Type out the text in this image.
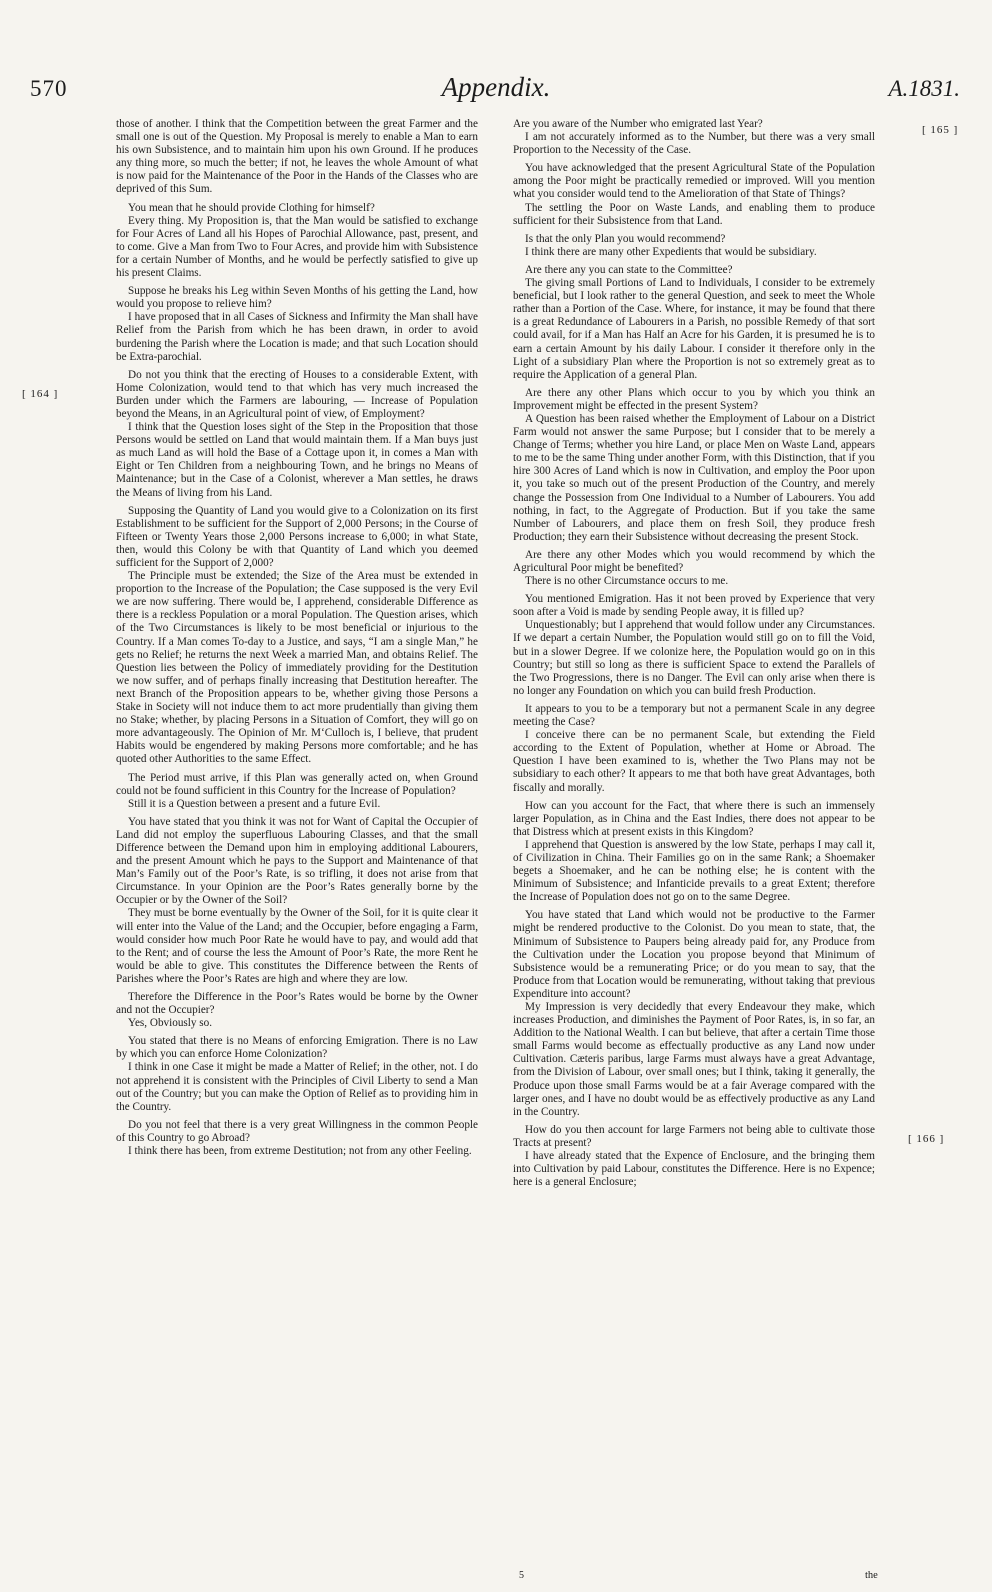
570	Appendix.	A.1831.
[ 164 ]
[ 165 ]
[ 166 ]

those of another. I think that the Competition between the great Farmer and the small one is out of the Question. My Proposal is merely to enable a Man to earn his own Subsistence, and to maintain him upon his own Ground. If he produces any thing more, so much the better; if not, he leaves the whole Amount of what is now paid for the Maintenance of the Poor in the Hands of the Classes who are deprived of this Sum.

You mean that he should provide Clothing for himself?

Every thing. My Proposition is, that the Man would be satisfied to exchange for Four Acres of Land all his Hopes of Parochial Allowance, past, present, and to come. Give a Man from Two to Four Acres, and provide him with Subsistence for a certain Number of Months, and he would be perfectly satisfied to give up his present Claims.

Suppose he breaks his Leg within Seven Months of his getting the Land, how would you propose to relieve him?

I have proposed that in all Cases of Sickness and Infirmity the Man shall have Relief from the Parish from which he has been drawn, in order to avoid burdening the Parish where the Location is made; and that such Location should be Extra-parochial.

Do not you think that the erecting of Houses to a considerable Extent, with Home Colonization, would tend to that which has very much increased the Burden under which the Farmers are labouring, — Increase of Population beyond the Means, in an Agricultural point of view, of Employment?

I think that the Question loses sight of the Step in the Proposition that those Persons would be settled on Land that would maintain them. If a Man buys just as much Land as will hold the Base of a Cottage upon it, in comes a Man with Eight or Ten Children from a neighbouring Town, and he brings no Means of Maintenance; but in the Case of a Colonist, wherever a Man settles, he draws the Means of living from his Land.

Supposing the Quantity of Land you would give to a Colonization on its first Establishment to be sufficient for the Support of 2,000 Persons; in the Course of Fifteen or Twenty Years those 2,000 Persons increase to 6,000; in what State, then, would this Colony be with that Quantity of Land which you deemed sufficient for the Support of 2,000?

The Principle must be extended; the Size of the Area must be extended in proportion to the Increase of the Population; the Case supposed is the very Evil we are now suffering. There would be, I apprehend, considerable Difference as there is a reckless Population or a moral Population. The Question arises, which of the Two Circumstances is likely to be most beneficial or injurious to the Country. If a Man comes To-day to a Justice, and says, “I am a single Man,” he gets no Relief; he returns the next Week a married Man, and obtains Relief. The Question lies between the Policy of immediately providing for the Destitution we now suffer, and of perhaps finally increasing that Destitution hereafter. The next Branch of the Proposition appears to be, whether giving those Persons a Stake in Society will not induce them to act more prudentially than giving them no Stake; whether, by placing Persons in a Situation of Comfort, they will go on more advantageously. The Opinion of Mr. M‘Culloch is, I believe, that prudent Habits would be engendered by making Persons more comfortable; and he has quoted other Authorities to the same Effect.

The Period must arrive, if this Plan was generally acted on, when Ground could not be found sufficient in this Country for the Increase of Population?

Still it is a Question between a present and a future Evil.

You have stated that you think it was not for Want of Capital the Occupier of Land did not employ the superfluous Labouring Classes, and that the small Difference between the Demand upon him in employing additional Labourers, and the present Amount which he pays to the Support and Maintenance of that Man’s Family out of the Poor’s Rate, is so trifling, it does not arise from that Circumstance. In your Opinion are the Poor’s Rates generally borne by the Occupier or by the Owner of the Soil?

They must be borne eventually by the Owner of the Soil, for it is quite clear it will enter into the Value of the Land; and the Occupier, before engaging a Farm, would consider how much Poor Rate he would have to pay, and would add that to the Rent; and of course the less the Amount of Poor’s Rate, the more Rent he would be able to give. This constitutes the Difference between the Rents of Parishes where the Poor’s Rates are high and where they are low.

Therefore the Difference in the Poor’s Rates would be borne by the Owner and not the Occupier?

Yes, Obviously so.

You stated that there is no Means of enforcing Emigration. There is no Law by which you can enforce Home Colonization?

I think in one Case it might be made a Matter of Relief; in the other, not. I do not apprehend it is consistent with the Principles of Civil Liberty to send a Man out of the Country; but you can make the Option of Relief as to providing him in the Country.

Do you not feel that there is a very great Willingness in the common People of this Country to go Abroad?

I think there has been, from extreme Destitution; not from any other Feeling.

Are you aware of the Number who emigrated last Year?

I am not accurately informed as to the Number, but there was a very small Proportion to the Necessity of the Case.

You have acknowledged that the present Agricultural State of the Population among the Poor might be practically remedied or improved. Will you mention what you consider would tend to the Amelioration of that State of Things?

The settling the Poor on Waste Lands, and enabling them to produce sufficient for their Subsistence from that Land.

Is that the only Plan you would recommend?

I think there are many other Expedients that would be subsidiary.

Are there any you can state to the Committee?

The giving small Portions of Land to Individuals, I consider to be extremely beneficial, but I look rather to the general Question, and seek to meet the Whole rather than a Portion of the Case. Where, for instance, it may be found that there is a great Redundance of Labourers in a Parish, no possible Remedy of that sort could avail, for if a Man has Half an Acre for his Garden, it is presumed he is to earn a certain Amount by his daily Labour. I consider it therefore only in the Light of a subsidiary Plan where the Proportion is not so extremely great as to require the Application of a general Plan.

Are there any other Plans which occur to you by which you think an Improvement might be effected in the present System?

A Question has been raised whether the Employment of Labour on a District Farm would not answer the same Purpose; but I consider that to be merely a Change of Terms; whether you hire Land, or place Men on Waste Land, appears to me to be the same Thing under another Form, with this Distinction, that if you hire 300 Acres of Land which is now in Cultivation, and employ the Poor upon it, you take so much out of the present Production of the Country, and merely change the Possession from One Individual to a Number of Labourers. You add nothing, in fact, to the Aggregate of Production. But if you take the same Number of Labourers, and place them on fresh Soil, they produce fresh Production; they earn their Subsistence without decreasing the present Stock.

Are there any other Modes which you would recommend by which the Agricultural Poor might be benefited?

There is no other Circumstance occurs to me.

You mentioned Emigration. Has it not been proved by Experience that very soon after a Void is made by sending People away, it is filled up?

Unquestionably; but I apprehend that would follow under any Circumstances. If we depart a certain Number, the Population would still go on to fill the Void, but in a slower Degree. If we colonize here, the Population would go on in this Country; but still so long as there is sufficient Space to extend the Parallels of the Two Progressions, there is no Danger. The Evil can only arise when there is no longer any Foundation on which you can build fresh Production.

It appears to you to be a temporary but not a permanent Scale in any degree meeting the Case?

I conceive there can be no permanent Scale, but extending the Field according to the Extent of Population, whether at Home or Abroad. The Question I have been examined to is, whether the Two Plans may not be subsidiary to each other? It appears to me that both have great Advantages, both fiscally and morally.

How can you account for the Fact, that where there is such an immensely larger Population, as in China and the East Indies, there does not appear to be that Distress which at present exists in this Kingdom?

I apprehend that Question is answered by the low State, perhaps I may call it, of Civilization in China. Their Families go on in the same Rank; a Shoemaker begets a Shoemaker, and he can be nothing else; he is content with the Minimum of Subsistence; and Infanticide prevails to a great Extent; therefore the Increase of Population does not go on to the same Degree.

You have stated that Land which would not be productive to the Farmer might be rendered productive to the Colonist. Do you mean to state, that, the Minimum of Subsistence to Paupers being already paid for, any Produce from the Cultivation under the Location you propose beyond that Minimum of Subsistence would be a remunerating Price; or do you mean to say, that the Produce from that Location would be remunerating, without taking that previous Expenditure into account?

My Impression is very decidedly that every Endeavour they make, which increases Production, and diminishes the Payment of Poor Rates, is, in so far, an Addition to the National Wealth. I can but believe, that after a certain Time those small Farms would become as effectually productive as any Land now under Cultivation. Cæteris paribus, large Farms must always have a great Advantage, from the Division of Labour, over small ones; but I think, taking it generally, the Produce upon those small Farms would be at a fair Average compared with the larger ones, and I have no doubt would be as effectively productive as any Land in the Country.

How do you then account for large Farmers not being able to cultivate those Tracts at present?

I have already stated that the Expence of Enclosure, and the bringing them into Cultivation by paid Labour, constitutes the Difference. Here is no Expence; here is a general Enclosure;

5	the
